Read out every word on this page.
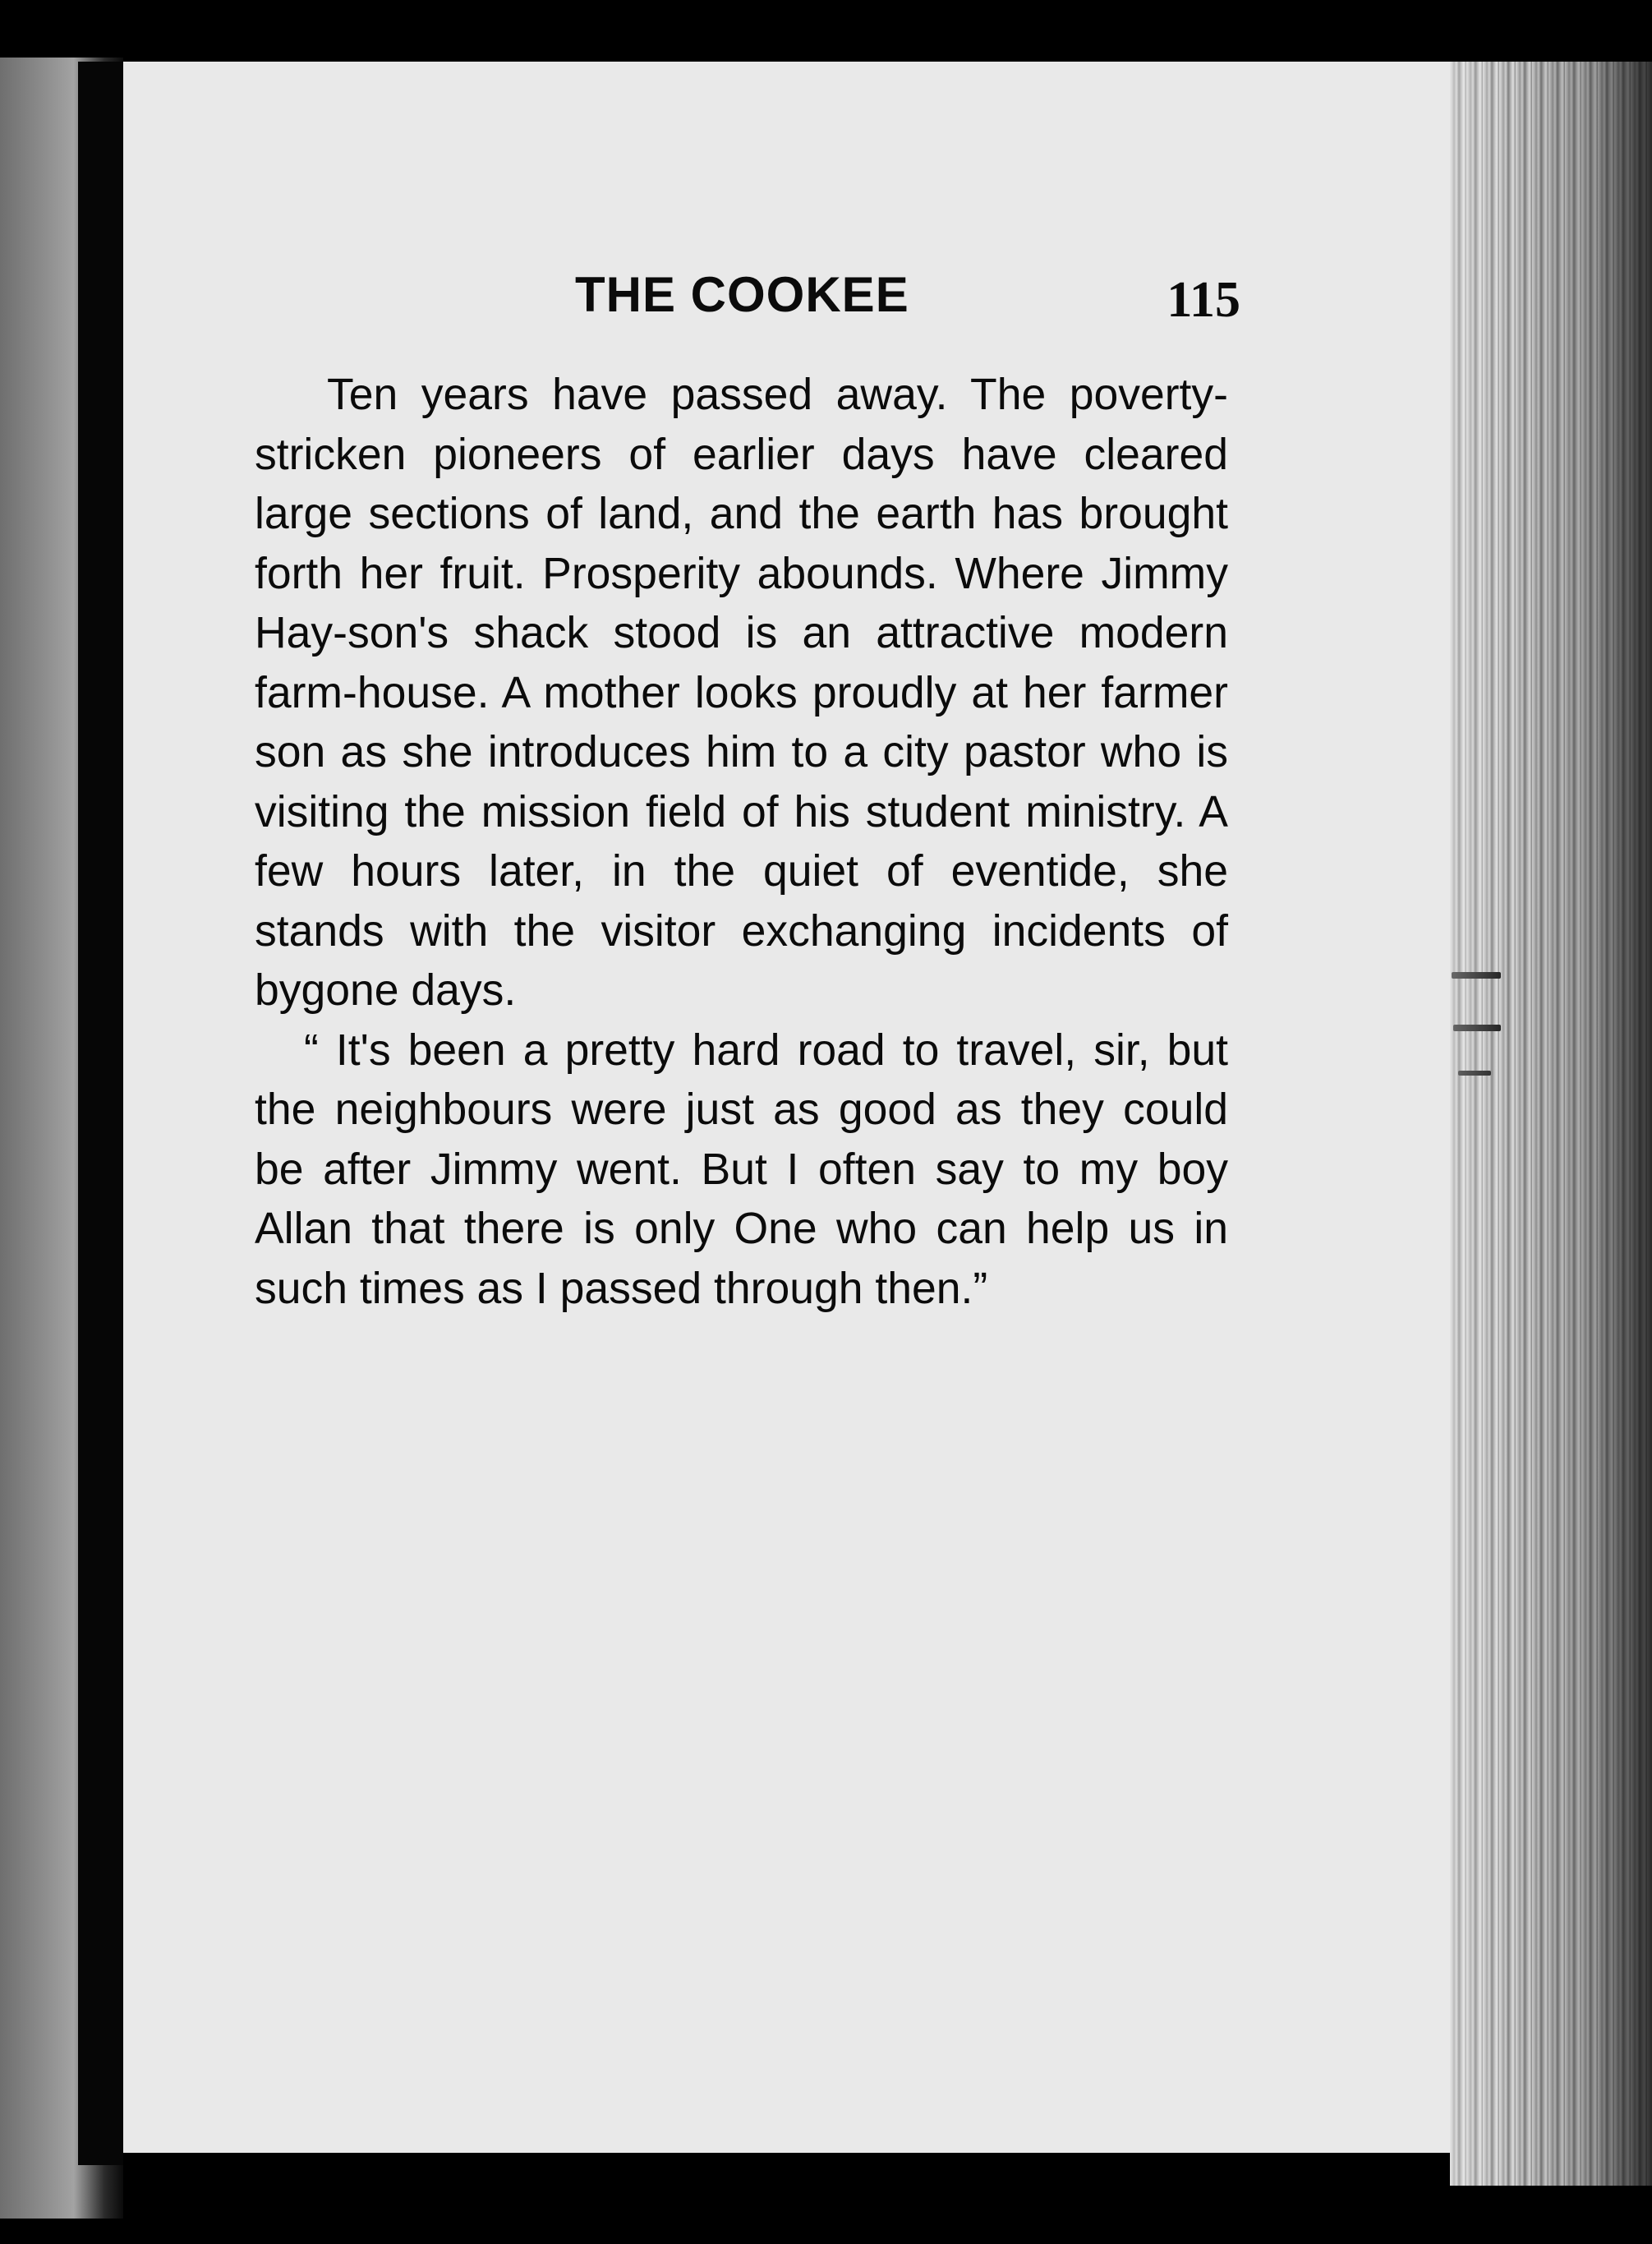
THE COOKEE	115

Ten years have passed away. The poverty-stricken pioneers of earlier days have cleared large sections of land, and the earth has brought forth her fruit. Prosperity abounds. Where Jimmy Hay-son's shack stood is an attractive modern farm-house. A mother looks proudly at her farmer son as she introduces him to a city pastor who is visiting the mission field of his student ministry. A few hours later, in the quiet of eventide, she stands with the visitor exchanging incidents of bygone days.

“ It's been a pretty hard road to travel, sir, but the neighbours were just as good as they could be after Jimmy went. But I often say to my boy Allan that there is only One who can help us in such times as I passed through then.”
